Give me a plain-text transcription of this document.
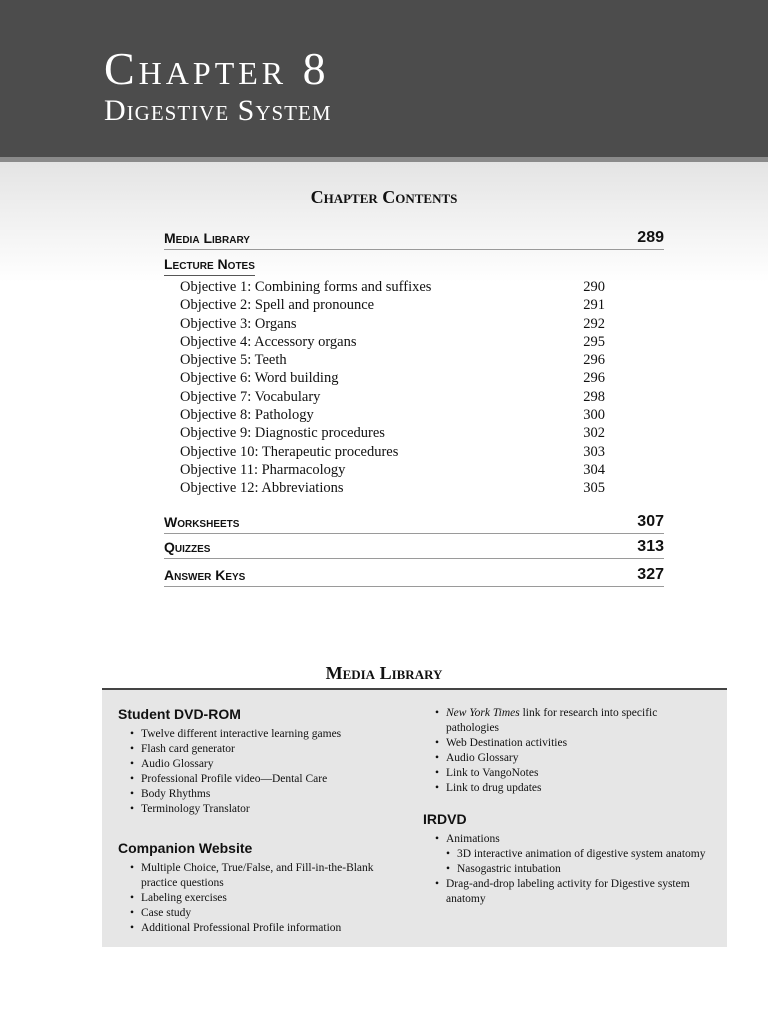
Chapter 8
Digestive System
Chapter Contents
Media Library	289
Lecture Notes
Objective 1: Combining forms and suffixes	290
Objective 2: Spell and pronounce	291
Objective 3: Organs	292
Objective 4: Accessory organs	295
Objective 5: Teeth	296
Objective 6: Word building	296
Objective 7: Vocabulary	298
Objective 8: Pathology	300
Objective 9: Diagnostic procedures	302
Objective 10: Therapeutic procedures	303
Objective 11: Pharmacology	304
Objective 12: Abbreviations	305
Worksheets	307
Quizzes	313
Answer Keys	327
Media Library
Student DVD-ROM
• Twelve different interactive learning games
• Flash card generator
• Audio Glossary
• Professional Profile video—Dental Care
• Body Rhythms
• Terminology Translator
Companion Website
• Multiple Choice, True/False, and Fill-in-the-Blank practice questions
• Labeling exercises
• Case study
• Additional Professional Profile information
• New York Times link for research into specific pathologies
• Web Destination activities
• Audio Glossary
• Link to VangoNotes
• Link to drug updates
IRDVD
• Animations
• 3D interactive animation of digestive system anatomy
• Nasogastric intubation
• Drag-and-drop labeling activity for Digestive system anatomy
